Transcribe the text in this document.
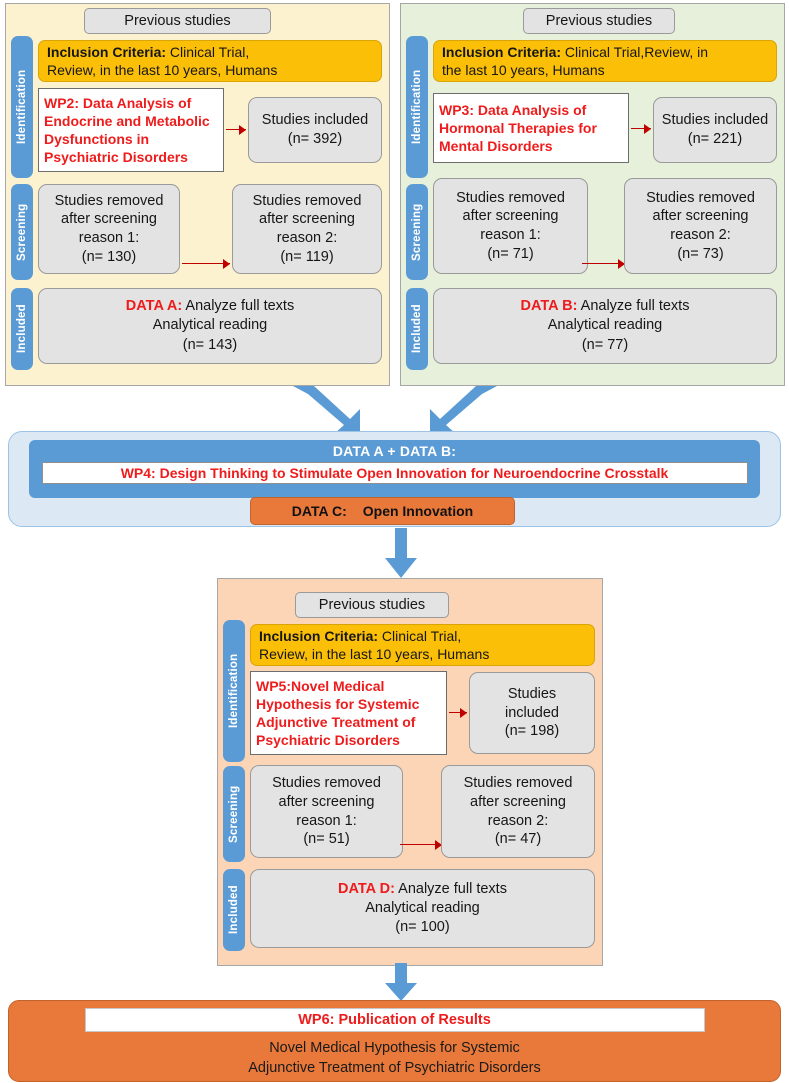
Previous studies
Identification
Screening
Included
Inclusion Criteria: Clinical Trial,
Review, in the last 10 years, Humans
WP2: Data Analysis of
Endocrine and Metabolic
Dysfunctions in
Psychiatric Disorders
Studies included
(n= 392)
Studies removed
after screening
reason 1:
(n= 130)
Studies removed
after screening
reason 2:
(n= 119)
DATA A: Analyze full texts
Analytical reading
(n= 143)
Previous studies
Identification
Screening
Included
Inclusion Criteria: Clinical Trial,Review, in
the last 10 years, Humans
WP3: Data Analysis of
Hormonal Therapies for
Mental Disorders
Studies included
(n= 221)
Studies removed
after screening
reason 1:
(n= 71)
Studies removed
after screening
reason 2:
(n= 73)
DATA B: Analyze full texts
Analytical reading
(n= 77)
DATA A + DATA B:
WP4: Design Thinking to Stimulate Open Innovation for Neuroendocrine Crosstalk
DATA C: Open Innovation
Previous studies
Identification
Screening
Included
Inclusion Criteria: Clinical Trial,
Review, in the last 10 years, Humans
WP5:Novel Medical
Hypothesis for Systemic
Adjunctive Treatment of
Psychiatric Disorders
Studies
included
(n= 198)
Studies removed
after screening
reason 1:
(n= 51)
Studies removed
after screening
reason 2:
(n= 47)
DATA D: Analyze full texts
Analytical reading
(n= 100)
WP6: Publication of Results
Novel Medical Hypothesis for Systemic
Adjunctive Treatment of Psychiatric Disorders
